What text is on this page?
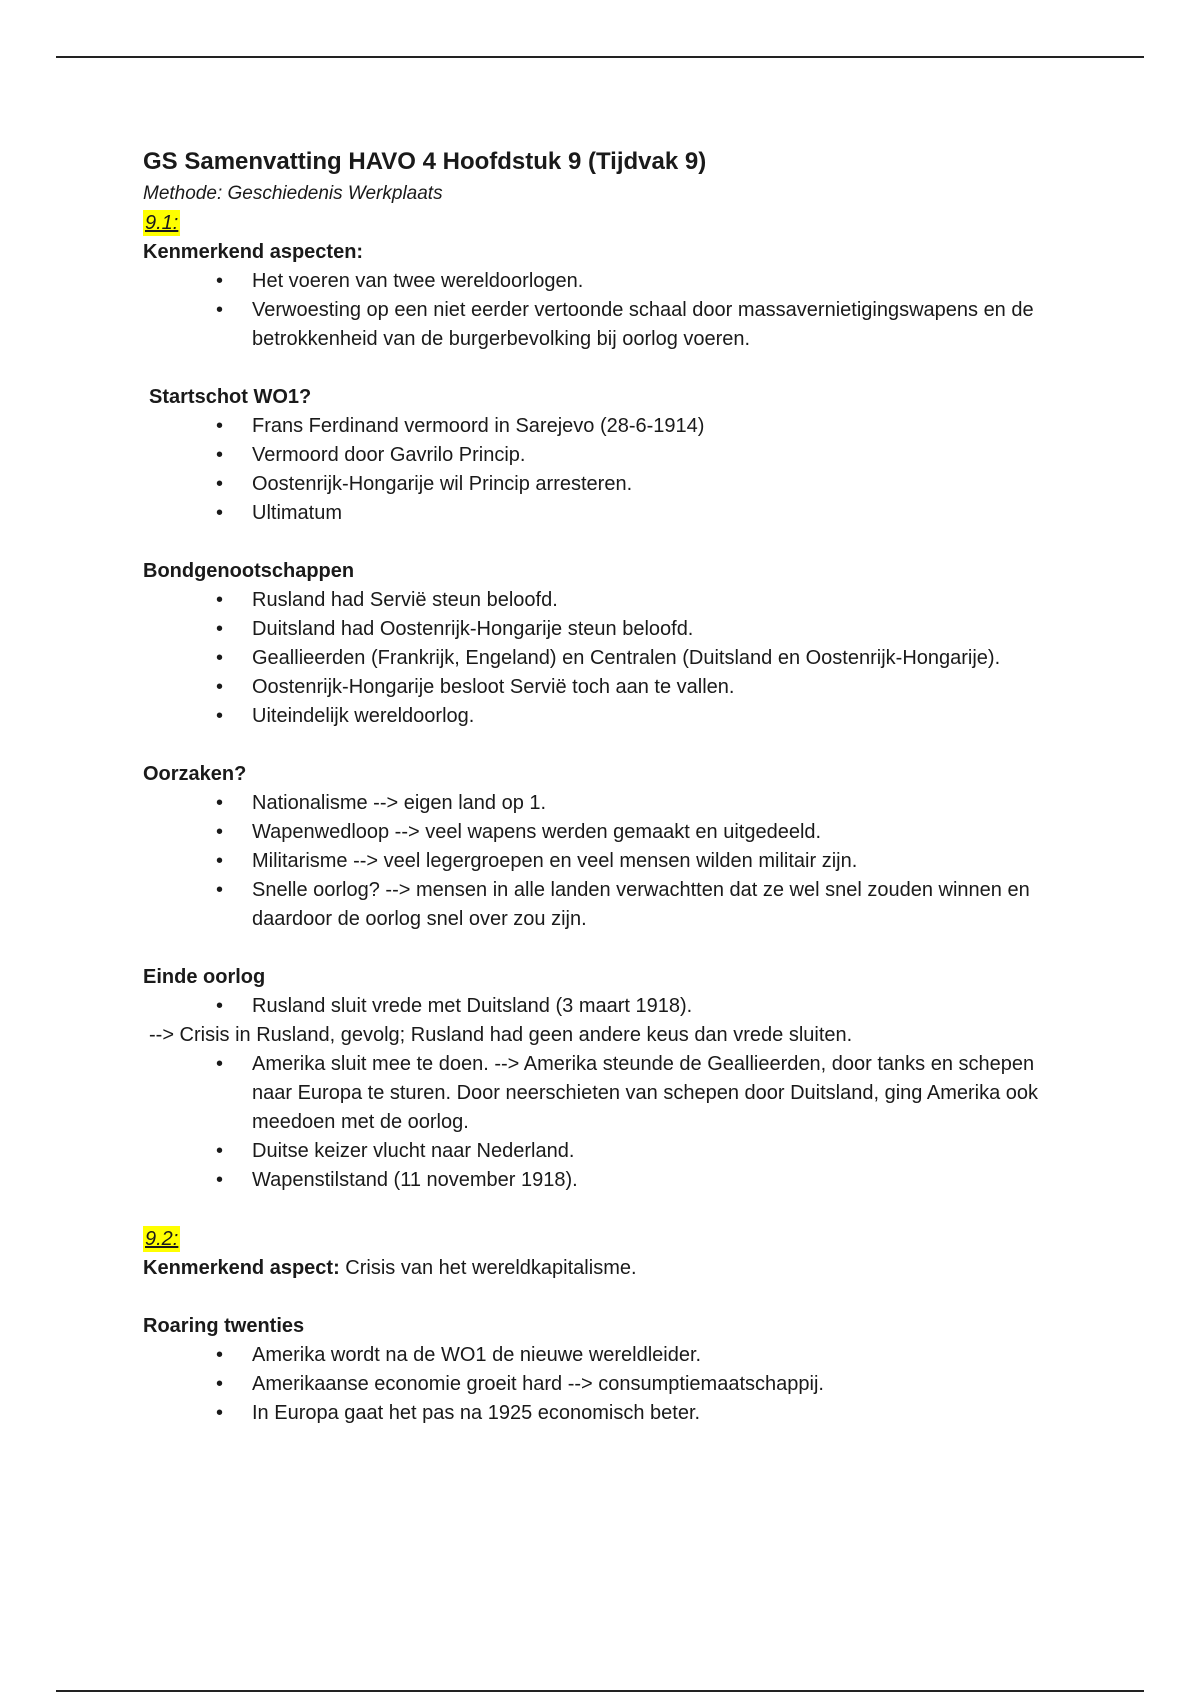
GS Samenvatting HAVO 4 Hoofdstuk 9 (Tijdvak 9)

Methode: Geschiedenis Werkplaats

9.1:

Kenmerkend aspecten:

• Het voeren van twee wereldoorlogen.
• Verwoesting op een niet eerder vertoonde schaal door massavernietigingswapens en de betrokkenheid van de burgerbevolking bij oorlog voeren.

Startschot WO1?

• Frans Ferdinand vermoord in Sarejevo (28-6-1914)
• Vermoord door Gavrilo Princip.
• Oostenrijk-Hongarije wil Princip arresteren.
• Ultimatum

Bondgenootschappen

• Rusland had Servië steun beloofd.
• Duitsland had Oostenrijk-Hongarije steun beloofd.
• Geallieerden (Frankrijk, Engeland) en Centralen (Duitsland en Oostenrijk-Hongarije).
• Oostenrijk-Hongarije besloot Servië toch aan te vallen.
• Uiteindelijk wereldoorlog.

Oorzaken?

• Nationalisme --> eigen land op 1.
• Wapenwedloop --> veel wapens werden gemaakt en uitgedeeld.
• Militarisme --> veel legergroepen en veel mensen wilden militair zijn.
• Snelle oorlog? --> mensen in alle landen verwachtten dat ze wel snel zouden winnen en daardoor de oorlog snel over zou zijn.

Einde oorlog

• Rusland sluit vrede met Duitsland (3 maart 1918).

--> Crisis in Rusland, gevolg; Rusland had geen andere keus dan vrede sluiten.

• Amerika sluit mee te doen. --> Amerika steunde de Geallieerden, door tanks en schepen naar Europa te sturen. Door neerschieten van schepen door Duitsland, ging Amerika ook meedoen met de oorlog.
• Duitse keizer vlucht naar Nederland.
• Wapenstilstand (11 november 1918).
9.2:

Kenmerkend aspect: Crisis van het wereldkapitalisme.

Roaring twenties

• Amerika wordt na de WO1 de nieuwe wereldleider.
• Amerikaanse economie groeit hard --> consumptiemaatschappij.
• In Europa gaat het pas na 1925 economisch beter.
